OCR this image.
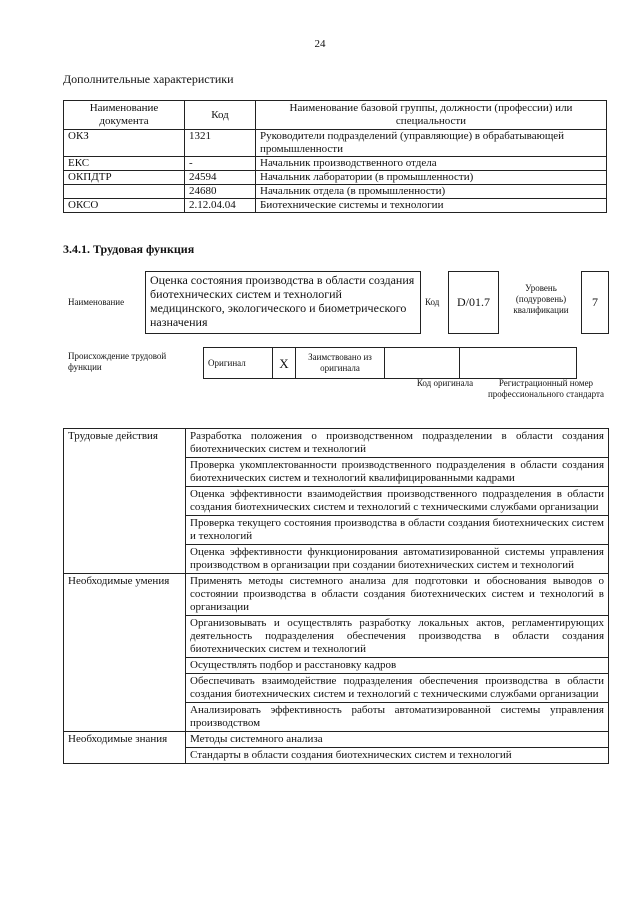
24
Дополнительные характеристики
Наименование документа	Код	Наименование базовой группы, должности (профессии) или специальности
ОКЗ	1321	Руководители подразделений (управляющие) в обрабатывающей промышленности
ЕКС	-	Начальник производственного отдела
ОКПДТР	24594	Начальник лаборатории (в промышленности)
	24680	Начальник отдела (в промышленности)
ОКСО	2.12.04.04	Биотехнические системы и технологии
3.4.1. Трудовая функция
Наименование
Оценка состояния производства в области создания биотехнических систем и технологий медицинского, экологического и биометрического назначения
Код	D/01.7
Уровень (подуровень) квалификации
7
Происхождение трудовой функции	Оригинал	X	Заимствовано из оригинала		
Код оригинала	Регистрационный номер профессионального стандарта
Трудовые действия	Разработка положения о производственном подразделении в области создания биотехнических систем и технологий
	Проверка укомплектованности производственного подразделения в области создания биотехнических систем и технологий квалифицированными кадрами
	Оценка эффективности взаимодействия производственного подразделения в области создания биотехнических систем и технологий с техническими службами организации
	Проверка текущего состояния производства в области создания биотехнических систем и технологий
	Оценка эффективности функционирования автоматизированной системы управления производством в организации при создании биотехнических систем и технологий
Необходимые умения	Применять методы системного анализа для подготовки и обоснования выводов о состоянии производства в области создания биотехнических систем и технологий в организации
	Организовывать и осуществлять разработку локальных актов, регламентирующих деятельность подразделения обеспечения производства в области создания биотехнических систем и технологий
	Осуществлять подбор и расстановку кадров
	Обеспечивать взаимодействие подразделения обеспечения производства в области создания биотехнических систем и технологий с техническими службами организации
	Анализировать эффективность работы автоматизированной системы управления производством
Необходимые знания	Методы системного анализа
	Стандарты в области создания биотехнических систем и технологий
